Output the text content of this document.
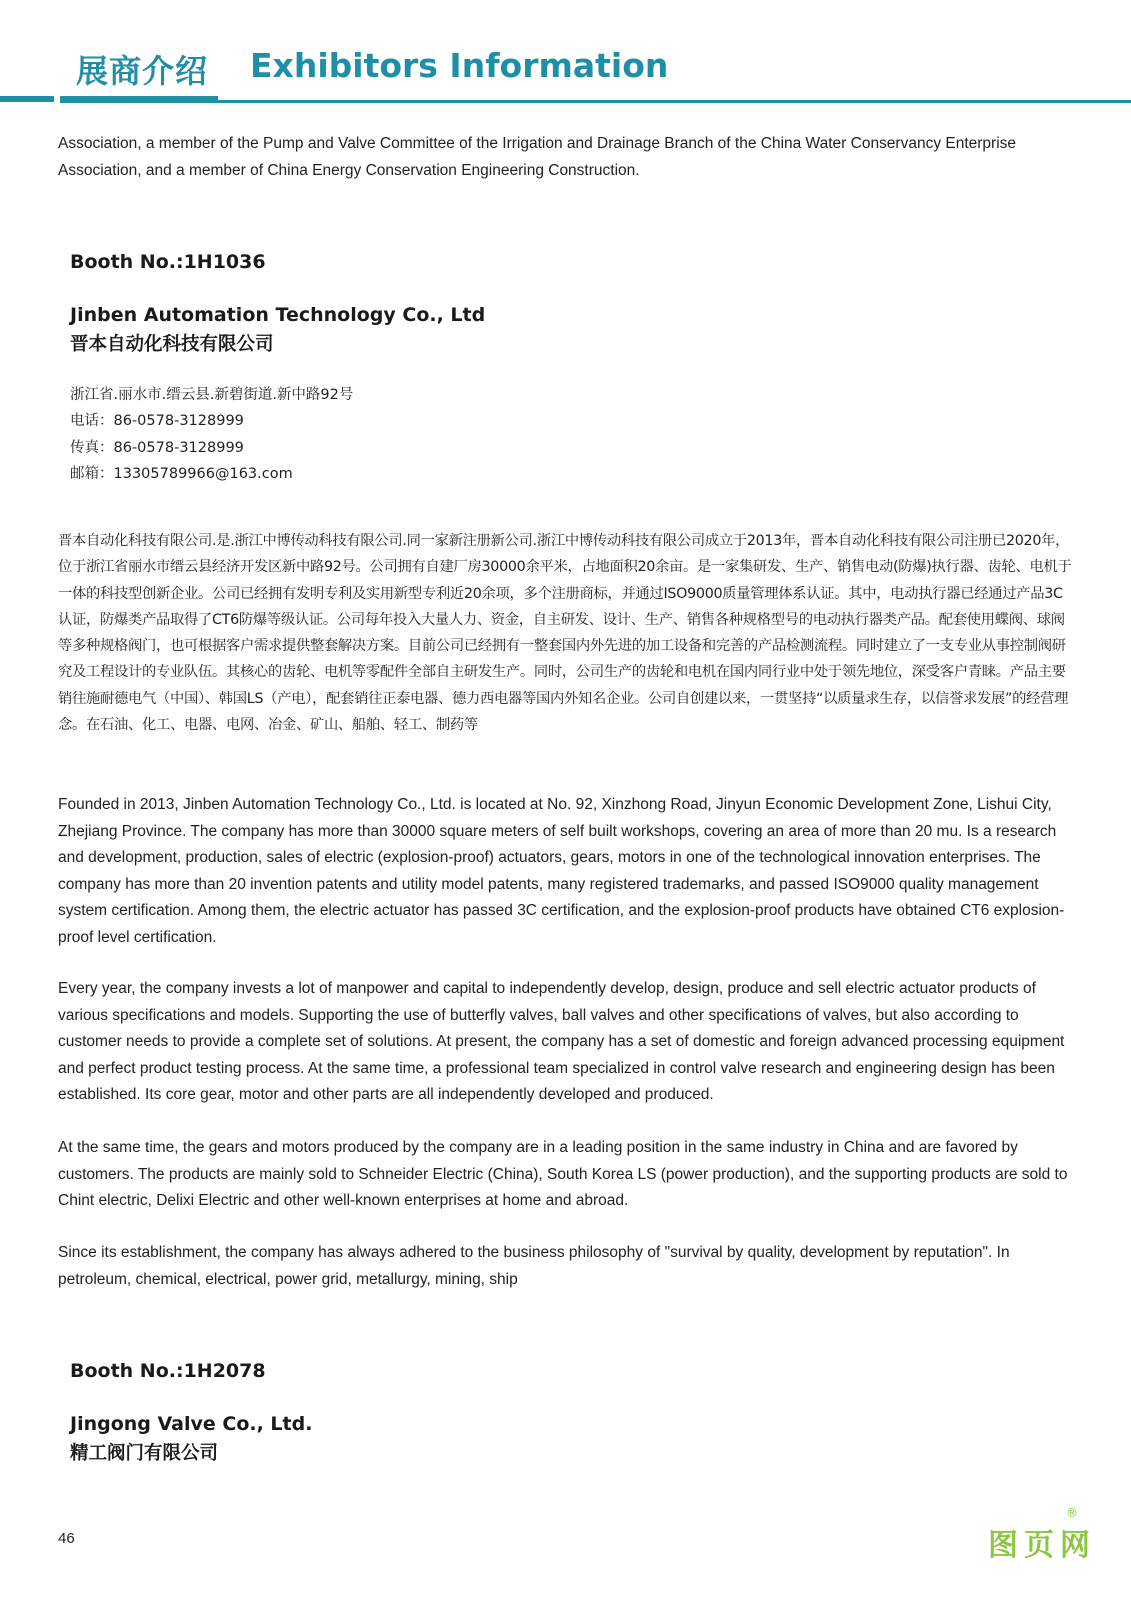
展商介绍 Exhibitors Information

Association, a member of the Pump and Valve Committee of the Irrigation and Drainage Branch of the China Water Conservancy Enterprise Association, and a member of China Energy Conservation Engineering Construction.

Booth No.:1H1036
Jinben Automation Technology Co., Ltd
晋本自动化科技有限公司
浙江省.丽水市.缙云县.新碧街道.新中路92号
电话：86-0578-3128999
传真：86-0578-3128999
邮箱：13305789966@163.com

晋本自动化科技有限公司.是.浙江中博传动科技有限公司.同一家新注册新公司.浙江中博传动科技有限公司成立于2013年，晋本自动化科技有限公司注册已2020年，位于浙江省丽水市缙云县经济开发区新中路92号。公司拥有自建厂房30000余平米，占地面积20余亩。是一家集研发、生产、销售电动(防爆)执行器、齿轮、电机于一体的科技型创新企业。公司已经拥有发明专利及实用新型专利近20余项，多个注册商标，并通过ISO9000质量管理体系认证。其中，电动执行器已经通过产品3C认证，防爆类产品取得了CT6防爆等级认证。公司每年投入大量人力、资金，自主研发、设计、生产、销售各种规格型号的电动执行器类产品。配套使用蝶阀、球阀等多种规格阀门，也可根据客户需求提供整套解决方案。目前公司已经拥有一整套国内外先进的加工设备和完善的产品检测流程。同时建立了一支专业从事控制阀研究及工程设计的专业队伍。其核心的齿轮、电机等零配件全部自主研发生产。同时，公司生产的齿轮和电机在国内同行业中处于领先地位，深受客户青睐。产品主要销往施耐德电气（中国）、韩国LS（产电），配套销往正泰电器、德力西电器等国内外知名企业。公司自创建以来，一贯坚持“以质量求生存，以信誉求发展”的经营理念。在石油、化工、电器、电网、冶金、矿山、船舶、轻工、制药等

Founded in 2013, Jinben Automation Technology Co., Ltd. is located at No. 92, Xinzhong Road, Jinyun Economic Development Zone, Lishui City, Zhejiang Province. The company has more than 30000 square meters of self built workshops, covering an area of more than 20 mu. Is a research and development, production, sales of electric (explosion-proof) actuators, gears, motors in one of the technological innovation enterprises. The company has more than 20 invention patents and utility model patents, many registered trademarks, and passed ISO9000 quality management system certification. Among them, the electric actuator has passed 3C certification, and the explosion-proof products have obtained CT6 explosion-proof level certification.

Every year, the company invests a lot of manpower and capital to independently develop, design, produce and sell electric actuator products of various specifications and models. Supporting the use of butterfly valves, ball valves and other specifications of valves, but also according to customer needs to provide a complete set of solutions. At present, the company has a set of domestic and foreign advanced processing equipment and perfect product testing process. At the same time, a professional team specialized in control valve research and engineering design has been established. Its core gear, motor and other parts are all independently developed and produced.

At the same time, the gears and motors produced by the company are in a leading position in the same industry in China and are favored by customers. The products are mainly sold to Schneider Electric (China), South Korea LS (power production), and the supporting products are sold to Chint electric, Delixi Electric and other well-known enterprises at home and abroad.

Since its establishment, the company has always adhered to the business philosophy of "survival by quality, development by reputation". In petroleum, chemical, electrical, power grid, metallurgy, mining, ship

Booth No.:1H2078
Jingong Valve Co., Ltd.
精工阀门有限公司
46	图页网
®
